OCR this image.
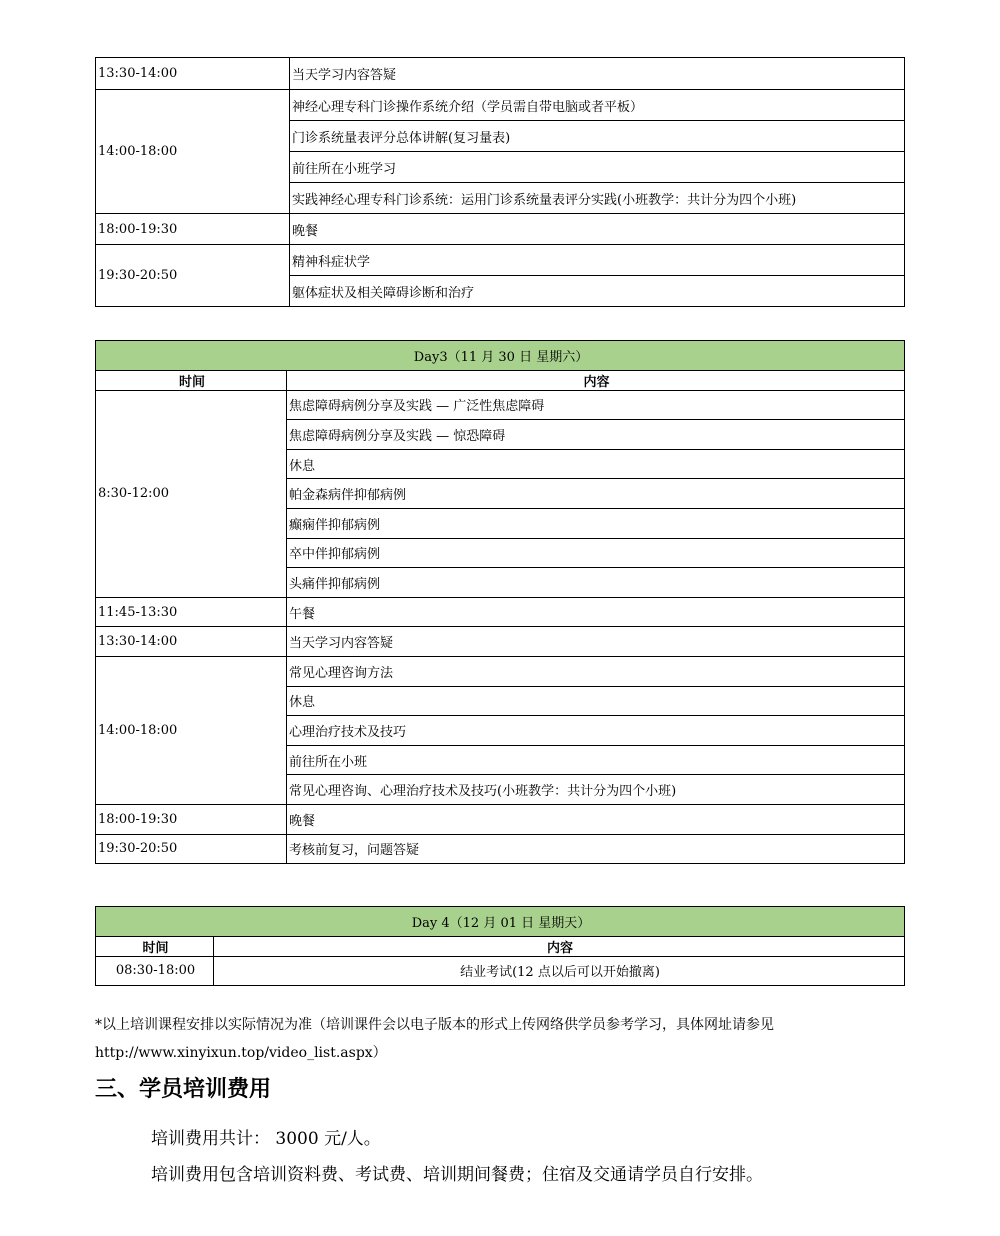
13:30-14:00	当天学习内容答疑
14:00-18:00	神经心理专科门诊操作系统介绍（学员需自带电脑或者平板）
	门诊系统量表评分总体讲解(复习量表)
	前往所在小班学习
	实践神经心理专科门诊系统：运用门诊系统量表评分实践(小班教学：共计分为四个小班)
18:00-19:30	晚餐
19:30-20:50	精神科症状学
	躯体症状及相关障碍诊断和治疗
Day3（11 月 30 日 星期六）	
时间	内容
8:30-12:00	焦虑障碍病例分享及实践 — 广泛性焦虑障碍
	焦虑障碍病例分享及实践 — 惊恐障碍
	休息
	帕金森病伴抑郁病例
	癫痫伴抑郁病例
	卒中伴抑郁病例
	头痛伴抑郁病例
11:45-13:30	午餐
13:30-14:00	当天学习内容答疑
14:00-18:00	常见心理咨询方法
	休息
	心理治疗技术及技巧
	前往所在小班
	常见心理咨询、心理治疗技术及技巧(小班教学：共计分为四个小班)
18:00-19:30	晚餐
19:30-20:50	考核前复习，问题答疑
Day 4（12 月 01 日 星期天）	
时间	内容
08:30-18:00	结业考试(12 点以后可以开始撤离)
*以上培训课程安排以实际情况为准（培训课件会以电子版本的形式上传网络供学员参考学习，具体网址请参见
http://www.xinyixun.top/video_list.aspx）
三、学员培训费用
培训费用共计： 3000 元/人。
培训费用包含培训资料费、考试费、培训期间餐费；住宿及交通请学员自行安排。
